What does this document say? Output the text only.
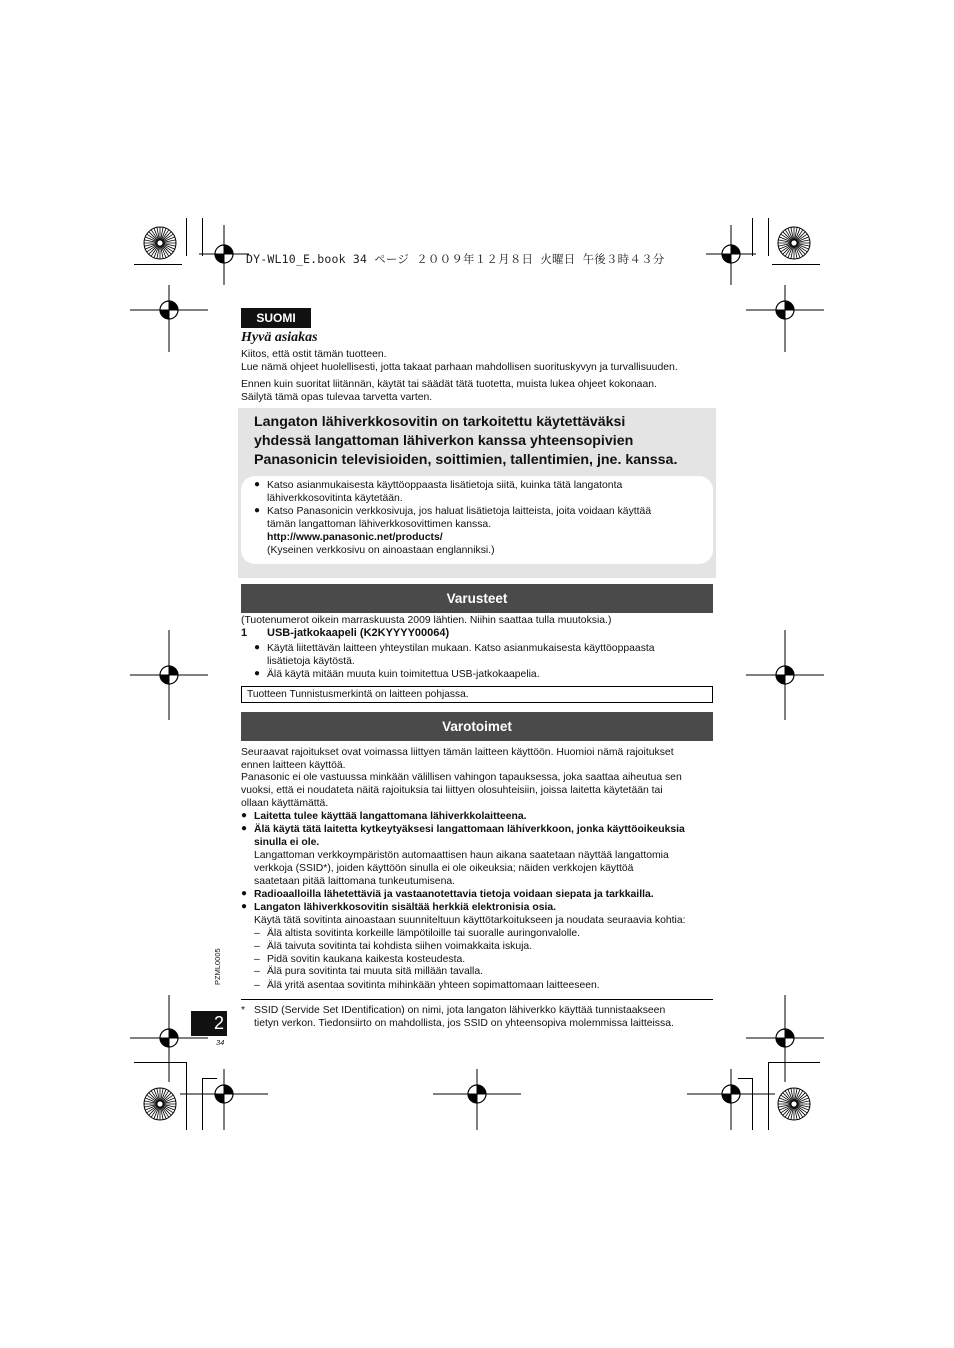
DY-WL10_E.book 34 ページ ２００９年１２月８日 火曜日 午後３時４３分
SUOMI
Hyvä asiakas
Kiitos, että ostit tämän tuotteen.
Lue nämä ohjeet huolellisesti, jotta takaat parhaan mahdollisen suorituskyvyn ja turvallisuuden.
Ennen kuin suoritat liitännän, käytät tai säädät tätä tuotetta, muista lukea ohjeet kokonaan.
Säilytä tämä opas tulevaa tarvetta varten.
Langaton lähiverkkosovitin on tarkoitettu käytettäväksi
yhdessä langattoman lähiverkon kanssa yhteensopivien
Panasonicin televisioiden, soittimien, tallentimien, jne. kanssa.
● Katso asianmukaisesta käyttöoppaasta lisätietoja siitä, kuinka tätä langatonta
lähiverkkosovitinta käytetään.
● Katso Panasonicin verkkosivuja, jos haluat lisätietoja laitteista, joita voidaan käyttää
tämän langattoman lähiverkkosovittimen kanssa.
http://www.panasonic.net/products/
(Kyseinen verkkosivu on ainoastaan englanniksi.)
Varusteet
(Tuotenumerot oikein marraskuusta 2009 lähtien. Niihin saattaa tulla muutoksia.)
1 USB-jatkokaapeli (K2KYYYY00064)
● Käytä liitettävän laitteen yhteystilan mukaan. Katso asianmukaisesta käyttöoppaasta
lisätietoja käytöstä.
● Älä käytä mitään muuta kuin toimitettua USB-jatkokaapelia.
Tuotteen Tunnistusmerkintä on laitteen pohjassa.
Varotoimet
Seuraavat rajoitukset ovat voimassa liittyen tämän laitteen käyttöön. Huomioi nämä rajoitukset
ennen laitteen käyttöä.
Panasonic ei ole vastuussa minkään välillisen vahingon tapauksessa, joka saattaa aiheutua sen
vuoksi, että ei noudateta näitä rajoituksia tai liittyen olosuhteisiin, joissa laitetta käytetään tai
ollaan käyttämättä.
● Laitetta tulee käyttää langattomana lähiverkkolaitteena.
● Älä käytä tätä laitetta kytkeytyäksesi langattomaan lähiverkkoon, jonka käyttöoikeuksia
sinulla ei ole.
Langattoman verkkoympäristön automaattisen haun aikana saatetaan näyttää langattomia
verkkoja (SSID*), joiden käyttöön sinulla ei ole oikeuksia; näiden verkkojen käyttöä
saatetaan pitää laittomana tunkeutumisena.
● Radioaalloilla lähetettäviä ja vastaanotettavia tietoja voidaan siepata ja tarkkailla.
● Langaton lähiverkkosovitin sisältää herkkiä elektronisia osia.
Käytä tätä sovitinta ainoastaan suunniteltuun käyttötarkoitukseen ja noudata seuraavia kohtia:
– Älä altista sovitinta korkeille lämpötiloille tai suoralle auringonvalolle.
– Älä taivuta sovitinta tai kohdista siihen voimakkaita iskuja.
– Pidä sovitin kaukana kaikesta kosteudesta.
– Älä pura sovitinta tai muuta sitä millään tavalla.
– Älä yritä asentaa sovitinta mihinkään yhteen sopimattomaan laitteeseen.
* SSID (Servide Set IDentification) on nimi, jota langaton lähiverkko käyttää tunnistaakseen
tietyn verkon. Tiedonsiirto on mahdollista, jos SSID on yhteensopiva molemmissa laitteissa.
PZML0005
2
34
